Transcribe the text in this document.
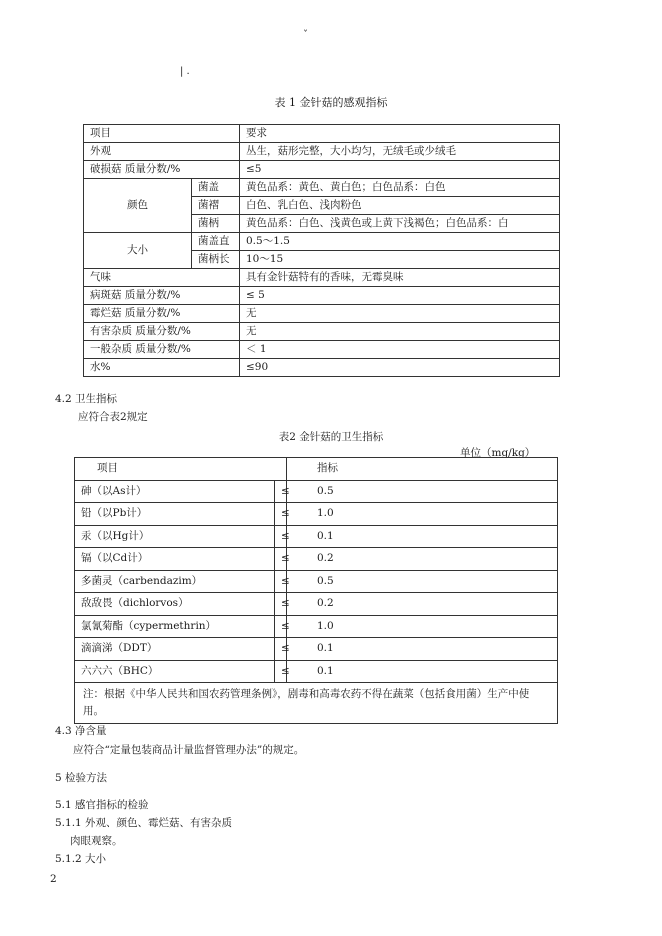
ˇ
| .
表 1 金针菇的感观指标
项目		要求
外观		丛生，菇形完整，大小均匀，无绒毛或少绒毛
破损菇 质量分数/%		≤5
颜色	菌盖	黄色品系：黄色、黄白色；白色品系：白色
	菌褶	白色、乳白色、浅肉粉色
	菌柄	黄色品系：白色、浅黄色或上黄下浅褐色；白色品系：白
大小	菌盖直	0.5～1.5
	菌柄长	10～15
气味		具有金针菇特有的香味，无霉臭味
病斑菇 质量分数/%		≤ 5
霉烂菇 质量分数/%		无
有害杂质 质量分数/%		无
一般杂质 质量分数/%		＜ 1
水%		≤90
4.2 卫生指标
应符合表2规定
表2 金针菇的卫生指标
单位（mg/kg）
项目		指标
砷（以As计）	≤	0.5
铅（以Pb计）	≤	1.0
汞（以Hg计）	≤	0.1
镉（以Cd计）	≤	0.2
多菌灵（carbendazim）	≤	0.5
敌敌畏（dichlorvos）	≤	0.2
氯氰菊酯（cypermethrin）	≤	1.0
滴滴涕（DDT）	≤	0.1
六六六（BHC）	≤	0.1
注：根据《中华人民共和国农药管理条例》，剧毒和高毒农药不得在蔬菜（包括食用菌）生产中使用。		
4.3 净含量
应符合“定量包装商品计量监督管理办法”的规定。
5 检验方法
5.1 感官指标的检验
5.1.1 外观、颜色、霉烂菇、有害杂质
肉眼观察。
5.1.2 大小
2
